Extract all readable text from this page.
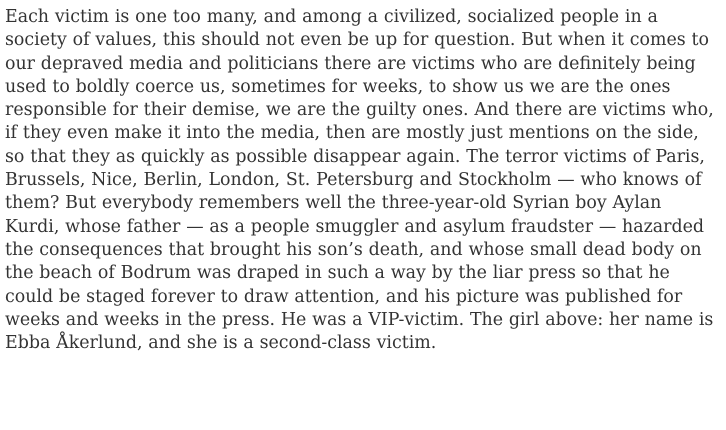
Each victim is one too many, and among a civilized, socialized people in a
society of values, this should not even be up for question. But when it comes to
our depraved media and politicians there are victims who are definitely being
used to boldly coerce us, sometimes for weeks, to show us we are the ones
responsible for their demise, we are the guilty ones. And there are victims who,
if they even make it into the media, then are mostly just mentions on the side,
so that they as quickly as possible disappear again. The terror victims of Paris,
Brussels, Nice, Berlin, London, St. Petersburg and Stockholm — who knows of
them? But everybody remembers well the three-year-old Syrian boy Aylan
Kurdi, whose father — as a people smuggler and asylum fraudster — hazarded
the consequences that brought his son’s death, and whose small dead body on
the beach of Bodrum was draped in such a way by the liar press so that he
could be staged forever to draw attention, and his picture was published for
weeks and weeks in the press. He was a VIP-victim. The girl above: her name is
Ebba Åkerlund, and she is a second-class victim.
